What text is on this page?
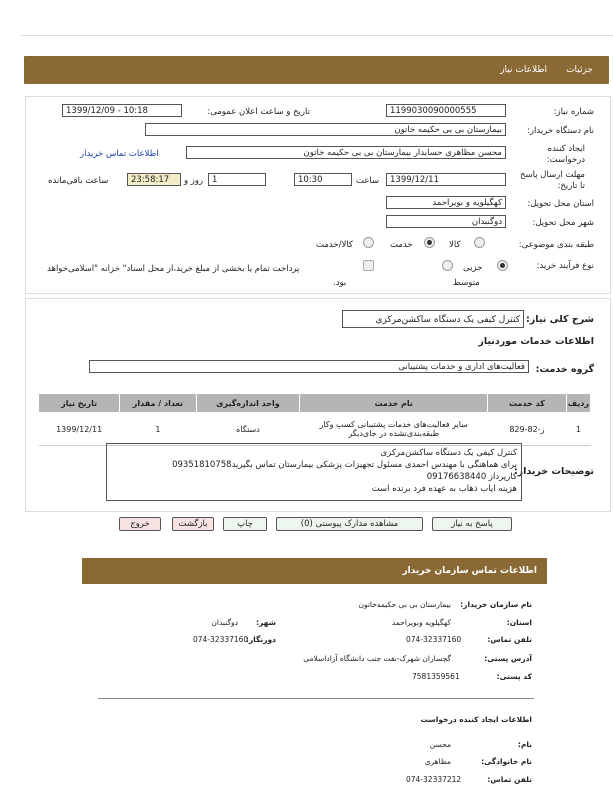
جزئیات
اطلاعات نیاز
شماره نیاز:
1199030090000555
تاریخ و ساعت اعلان عمومی:
1399/12/09 - 10:18
نام دستگاه خریدار:
بیمارستان بی بی حکیمه خاتون
ایجاد کننده درخواست:
محسن مظاهری حسابدار بیمارستان بی بی حکیمه خاتون
اطلاعات تماس خریدار
مهلت ارسال پاسخ تا تاریخ:
1399/12/11
ساعت
10:30
1
روز و
23:58:17
ساعت باقی‌مانده
استان محل تحویل:
کهگیلویه و بویراحمد
شهر محل تحویل:
دوگنبدان
طبقه بندی موضوعی:
کالا
خدمت
کالا/خدمت
نوع فرآیند خرید:
جزیی
متوسط
پرداخت تمام یا بخشی از مبلغ خرید،از محل اسناد" خزانه "اسلامی‌خواهد
بود.
شرح کلی نیاز:
کنترل کیفی یک دستگاه ساکشن‌مرکزی
اطلاعات خدمات موردنیاز
گروه خدمت:
فعالیت‌های اداری و خدمات پشتیبانی
ردیف	کد خدمت	نام خدمت	واحد اندازه‌گیری	تعداد / مقدار	تاریخ نیاز
1	ز-82-829	سایر فعالیت‌های خدمات پشتیبانی کسب وکار
طبقه‌بندی‌نشده در جای‌دیگر	دستگاه	1	1399/12/11
توضیحات خریدار:
کنترل کیفی یک دستگاه ساکشن‌مرکزی
برای هماهنگی با مهندس احمدی مسئول تجهیزات پزشکی بیمارستان تماس بگیرید09351810758
کارپرداز 09176638440
هزینه ایاب ذهاب به عهده فرد برنده است
پاسخ به نیاز
مشاهده مدارک پیوستی (0)
چاپ
بازگشت
خروج
اطلاعات تماس سازمان خریدار
نام سازمان خریدار:
بیمارستان بی بی حکیمه‌خاتون
استان:
کهگیلویه وبویراحمد
شهر:
دوگنبدان
تلفن تماس:
074-32337160
دورنگار:
074-32337160
آدرس پستی:
گچساران شهرک-نفت جنب دانشگاه آزاداسلامی
کد پستی:
7581359561
اطلاعات ایجاد کننده درخواست
نام:
محسن
نام خانوادگی:
مظاهری
تلفن تماس:
074-32337212
